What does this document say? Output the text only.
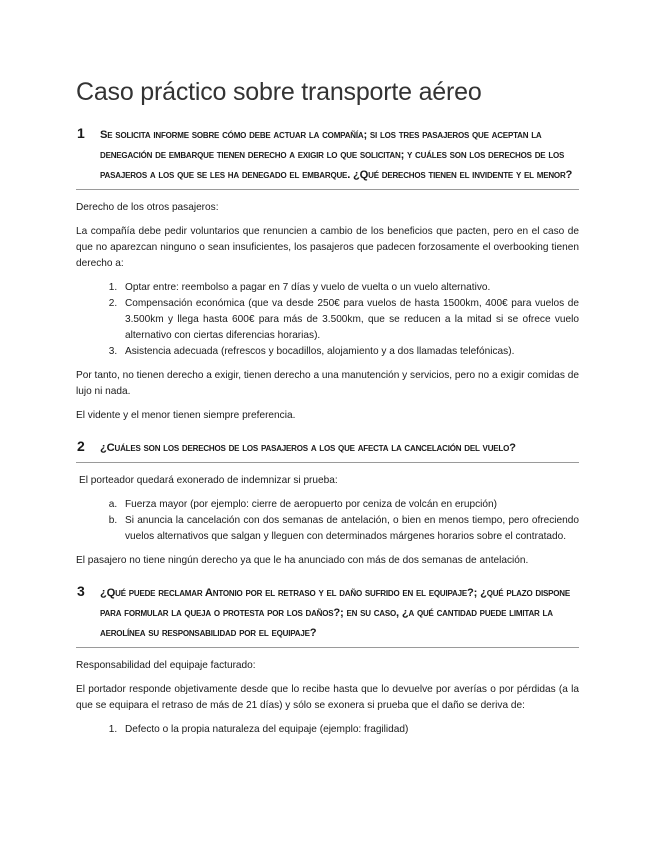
Caso práctico sobre transporte aéreo
1 Se solicita informe sobre cómo debe actuar la compañía; si los tres pasajeros que aceptan la denegación de embarque tienen derecho a exigir lo que solicitan; y cuáles son los derechos de los pasajeros a los que se les ha denegado el embarque. ¿Qué derechos tienen el invidente y el menor?

Derecho de los otros pasajeros:

La compañía debe pedir voluntarios que renuncien a cambio de los beneficios que pacten, pero en el caso de que no aparezcan ninguno o sean insuficientes, los pasajeros que padecen forzosamente el overbooking tienen derecho a:

1. Optar entre: reembolso a pagar en 7 días y vuelo de vuelta o un vuelo alternativo.
2. Compensación económica (que va desde 250€ para vuelos de hasta 1500km, 400€ para vuelos de 3.500km y llega hasta 600€ para más de 3.500km, que se reducen a la mitad si se ofrece vuelo alternativo con ciertas diferencias horarias).
3. Asistencia adecuada (refrescos y bocadillos, alojamiento y a dos llamadas telefónicas).

Por tanto, no tienen derecho a exigir, tienen derecho a una manutención y servicios, pero no a exigir comidas de lujo ni nada.

El vidente y el menor tienen siempre preferencia.

2 ¿Cuáles son los derechos de los pasajeros a los que afecta la cancelación del vuelo?

El porteador quedará exonerado de indemnizar si prueba:

a. Fuerza mayor (por ejemplo: cierre de aeropuerto por ceniza de volcán en erupción)
b. Si anuncia la cancelación con dos semanas de antelación, o bien en menos tiempo, pero ofreciendo vuelos alternativos que salgan y lleguen con determinados márgenes horarios sobre el contratado.

El pasajero no tiene ningún derecho ya que le ha anunciado con más de dos semanas de antelación.

3 ¿Qué puede reclamar Antonio por el retraso y el daño sufrido en el equipaje?; ¿qué plazo dispone para formular la queja o protesta por los daños?; en su caso, ¿a qué cantidad puede limitar la aerolínea su responsabilidad por el equipaje?

Responsabilidad del equipaje facturado:

El portador responde objetivamente desde que lo recibe hasta que lo devuelve por averías o por pérdidas (a la que se equipara el retraso de más de 21 días) y sólo se exonera si prueba que el daño se deriva de:

1. Defecto o la propia naturaleza del equipaje (ejemplo: fragilidad)
